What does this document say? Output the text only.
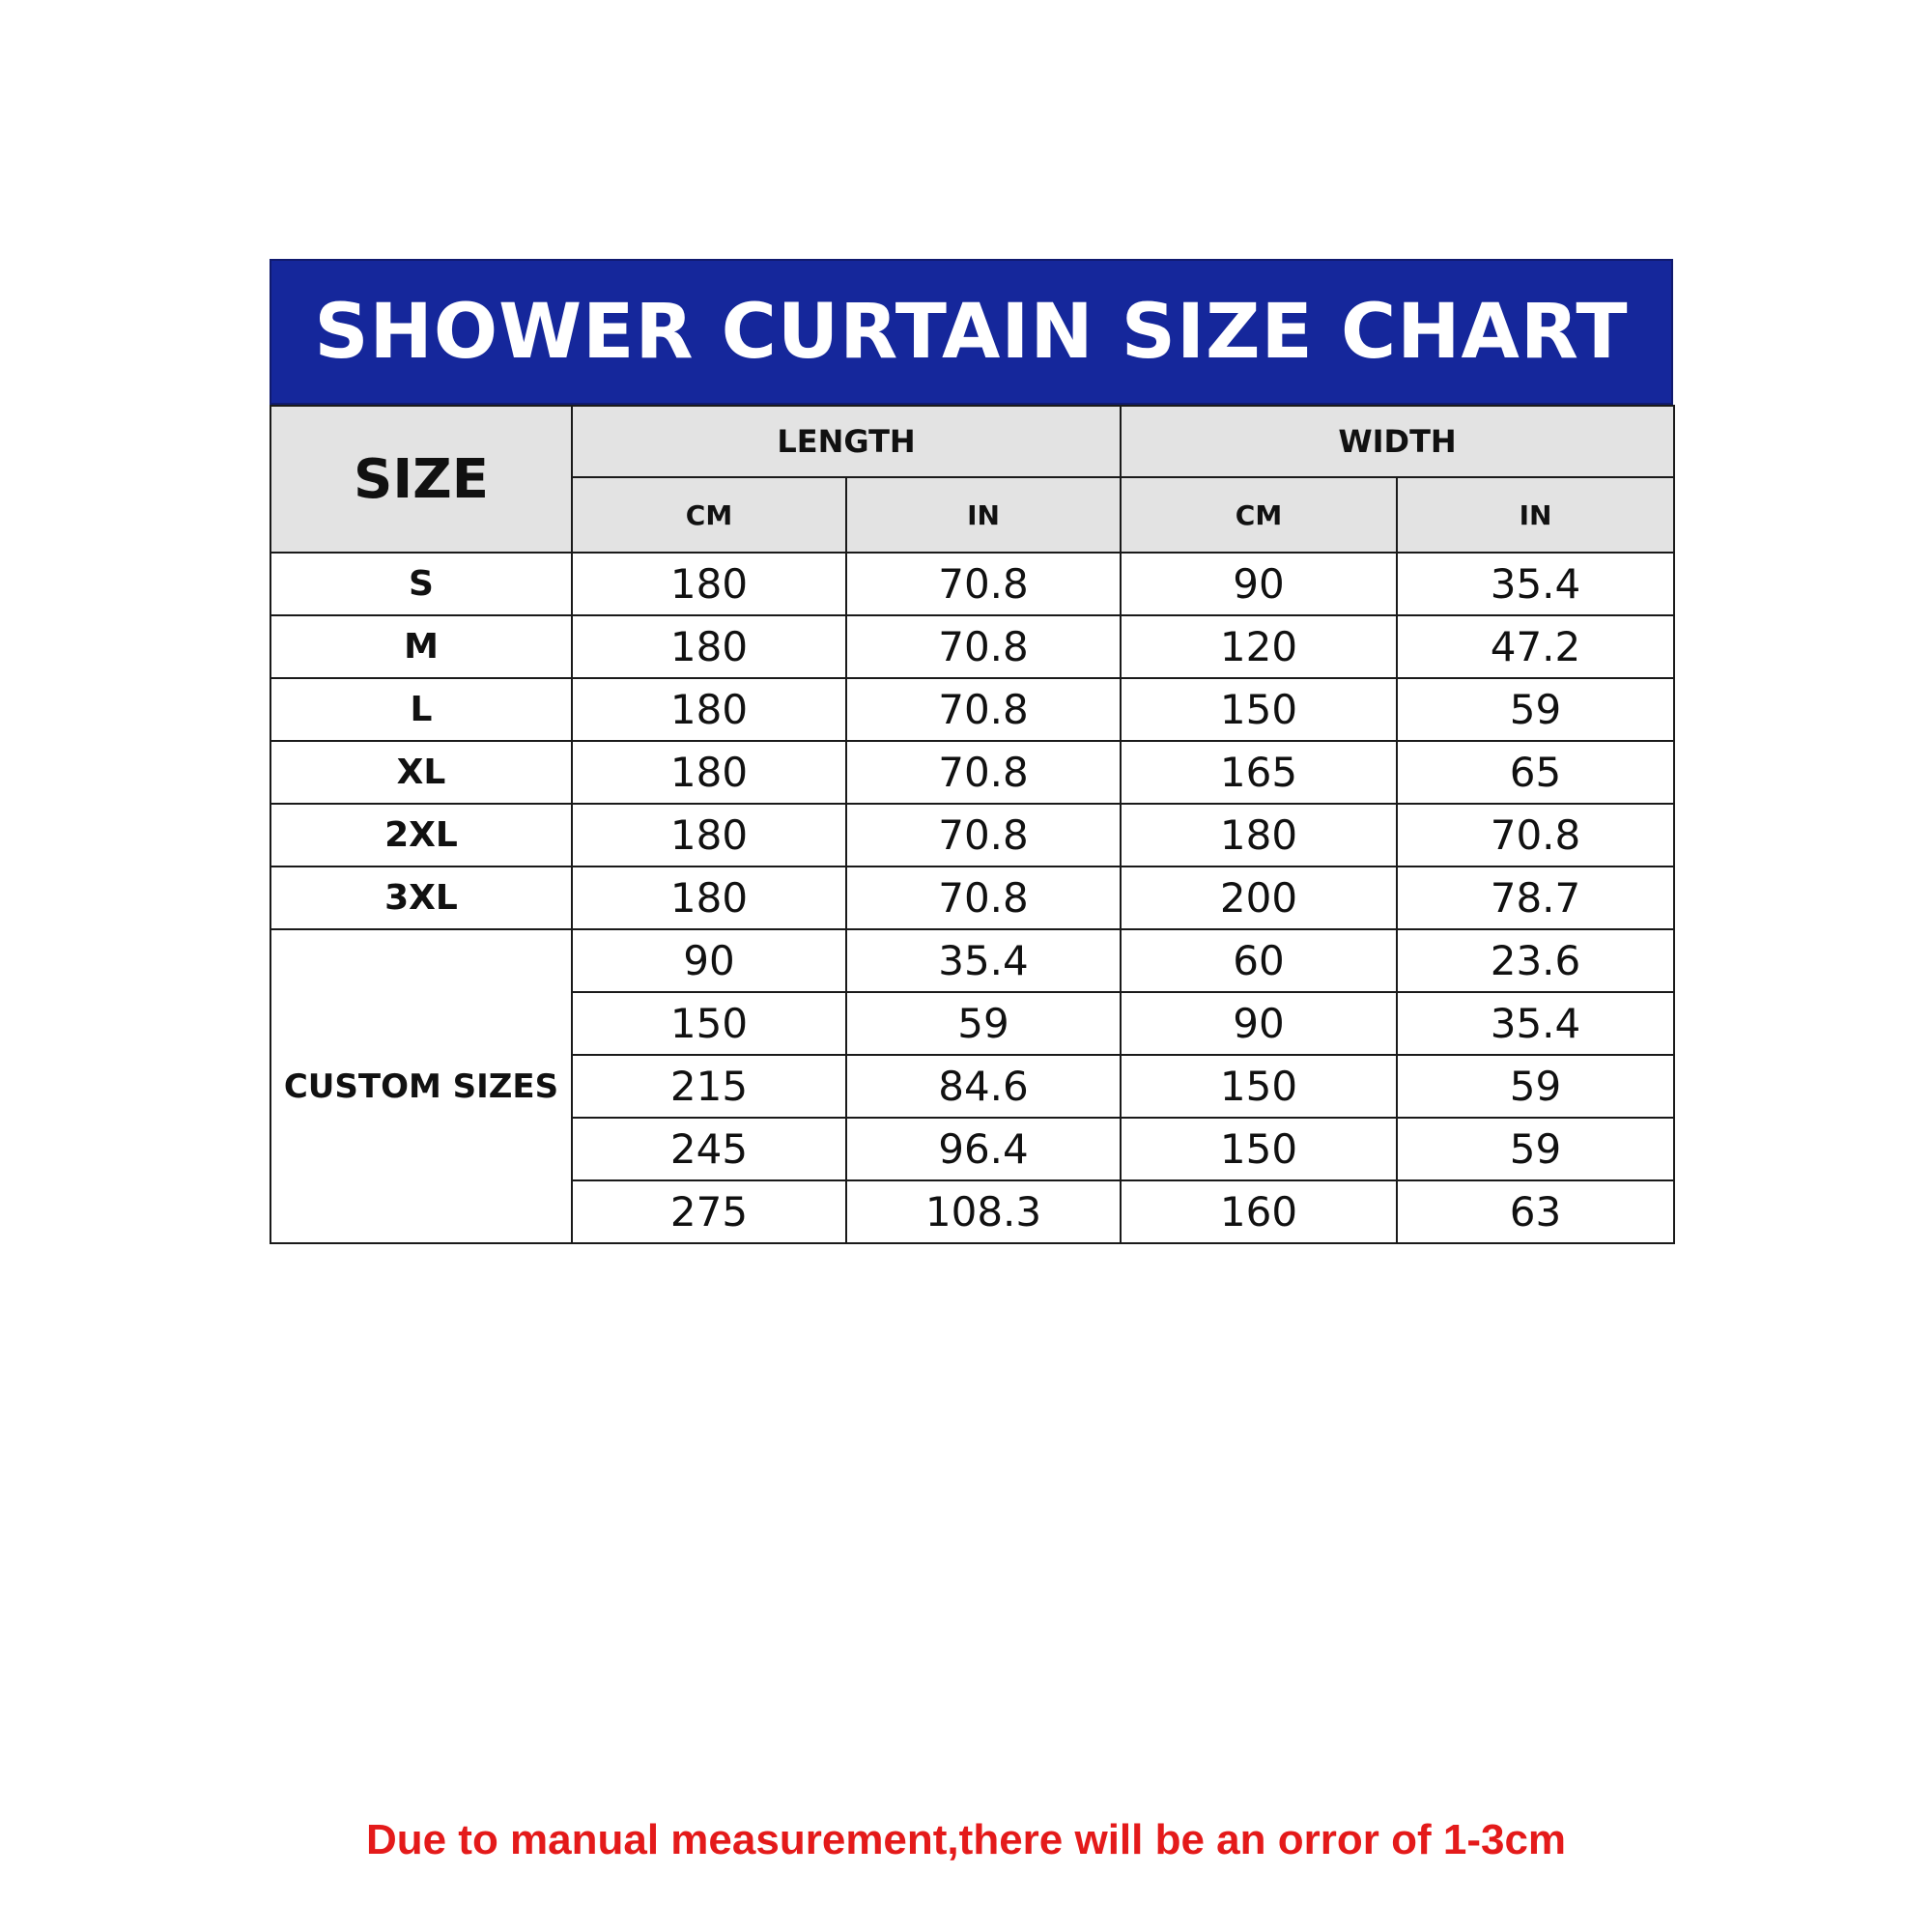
SHOWER CURTAIN SIZE CHART
SIZE	LENGTH		WIDTH	
	CM	IN	CM	IN
S	180	70.8	90	35.4
M	180	70.8	120	47.2
L	180	70.8	150	59
XL	180	70.8	165	65
2XL	180	70.8	180	70.8
3XL	180	70.8	200	78.7
CUSTOM SIZES	90	35.4	60	23.6
	150	59	90	35.4
	215	84.6	150	59
	245	96.4	150	59
	275	108.3	160	63
Due to manual measurement,there will be an orror of 1-3cm
